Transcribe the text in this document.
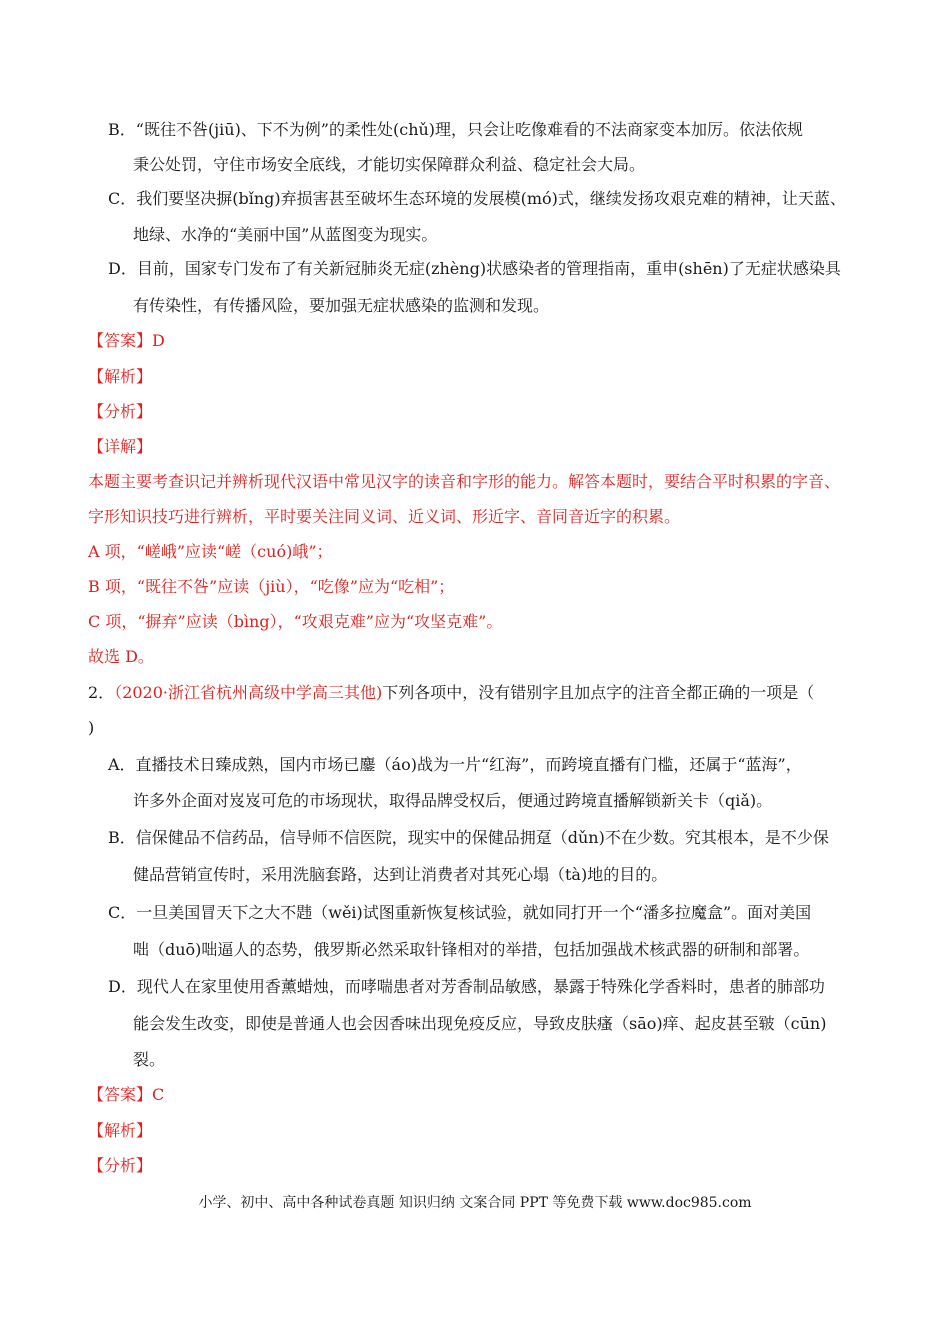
B．“既往不咎(jiū)、下不为例”的柔性处(chǔ)理，只会让吃像难看的不法商家变本加厉。依法依规
秉公处罚，守住市场安全底线，才能切实保障群众利益、稳定社会大局。
C．我们要坚决摒(bǐng)弃损害甚至破坏生态环境的发展模(mó)式，继续发扬攻艰克难的精神，让天蓝、
地绿、水净的“美丽中国”从蓝图变为现实。
D．目前，国家专门发布了有关新冠肺炎无症(zhèng)状感染者的管理指南，重申(shēn)了无症状感染具
有传染性，有传播风险，要加强无症状感染的监测和发现。
【答案】D
【解析】
【分析】
【详解】
本题主要考查识记并辨析现代汉语中常见汉字的读音和字形的能力。解答本题时，要结合平时积累的字音、
字形知识技巧进行辨析，平时要关注同义词、近义词、形近字、音同音近字的积累。
A 项，“嵯峨”应读“嵯（cuó)峨”；
B 项，“既往不咎”应读（jiù），“吃像”应为“吃相”；
C 项，“摒弃”应读（bìng），“攻艰克难”应为“攻坚克难”。
故选 D。
2．（2020·浙江省杭州高级中学高三其他)下列各项中，没有错别字且加点字的注音全都正确的一项是（
)
A．直播技术日臻成熟，国内市场已鏖（áo)战为一片“红海”，而跨境直播有门槛，还属于“蓝海”，
许多外企面对岌岌可危的市场现状，取得品牌受权后，便通过跨境直播解锁新关卡（qiǎ)。
B．信保健品不信药品，信导师不信医院，现实中的保健品拥趸（dǔn)不在少数。究其根本，是不少保
健品营销宣传时，采用洗脑套路，达到让消费者对其死心塌（tà)地的目的。
C．一旦美国冒天下之大不韪（wěi)试图重新恢复核试验，就如同打开一个“潘多拉魔盒”。面对美国
咄（duō)咄逼人的态势，俄罗斯必然采取针锋相对的举措，包括加强战术核武器的研制和部署。
D．现代人在家里使用香薰蜡烛，而哮喘患者对芳香制品敏感，暴露于特殊化学香料时，患者的肺部功
能会发生改变，即使是普通人也会因香味出现免疫反应，导致皮肤瘙（sāo)痒、起皮甚至皲（cūn)
裂。
【答案】C
【解析】
【分析】
小学、初中、高中各种试卷真题 知识归纳 文案合同 PPT 等免费下载 www.doc985.com
